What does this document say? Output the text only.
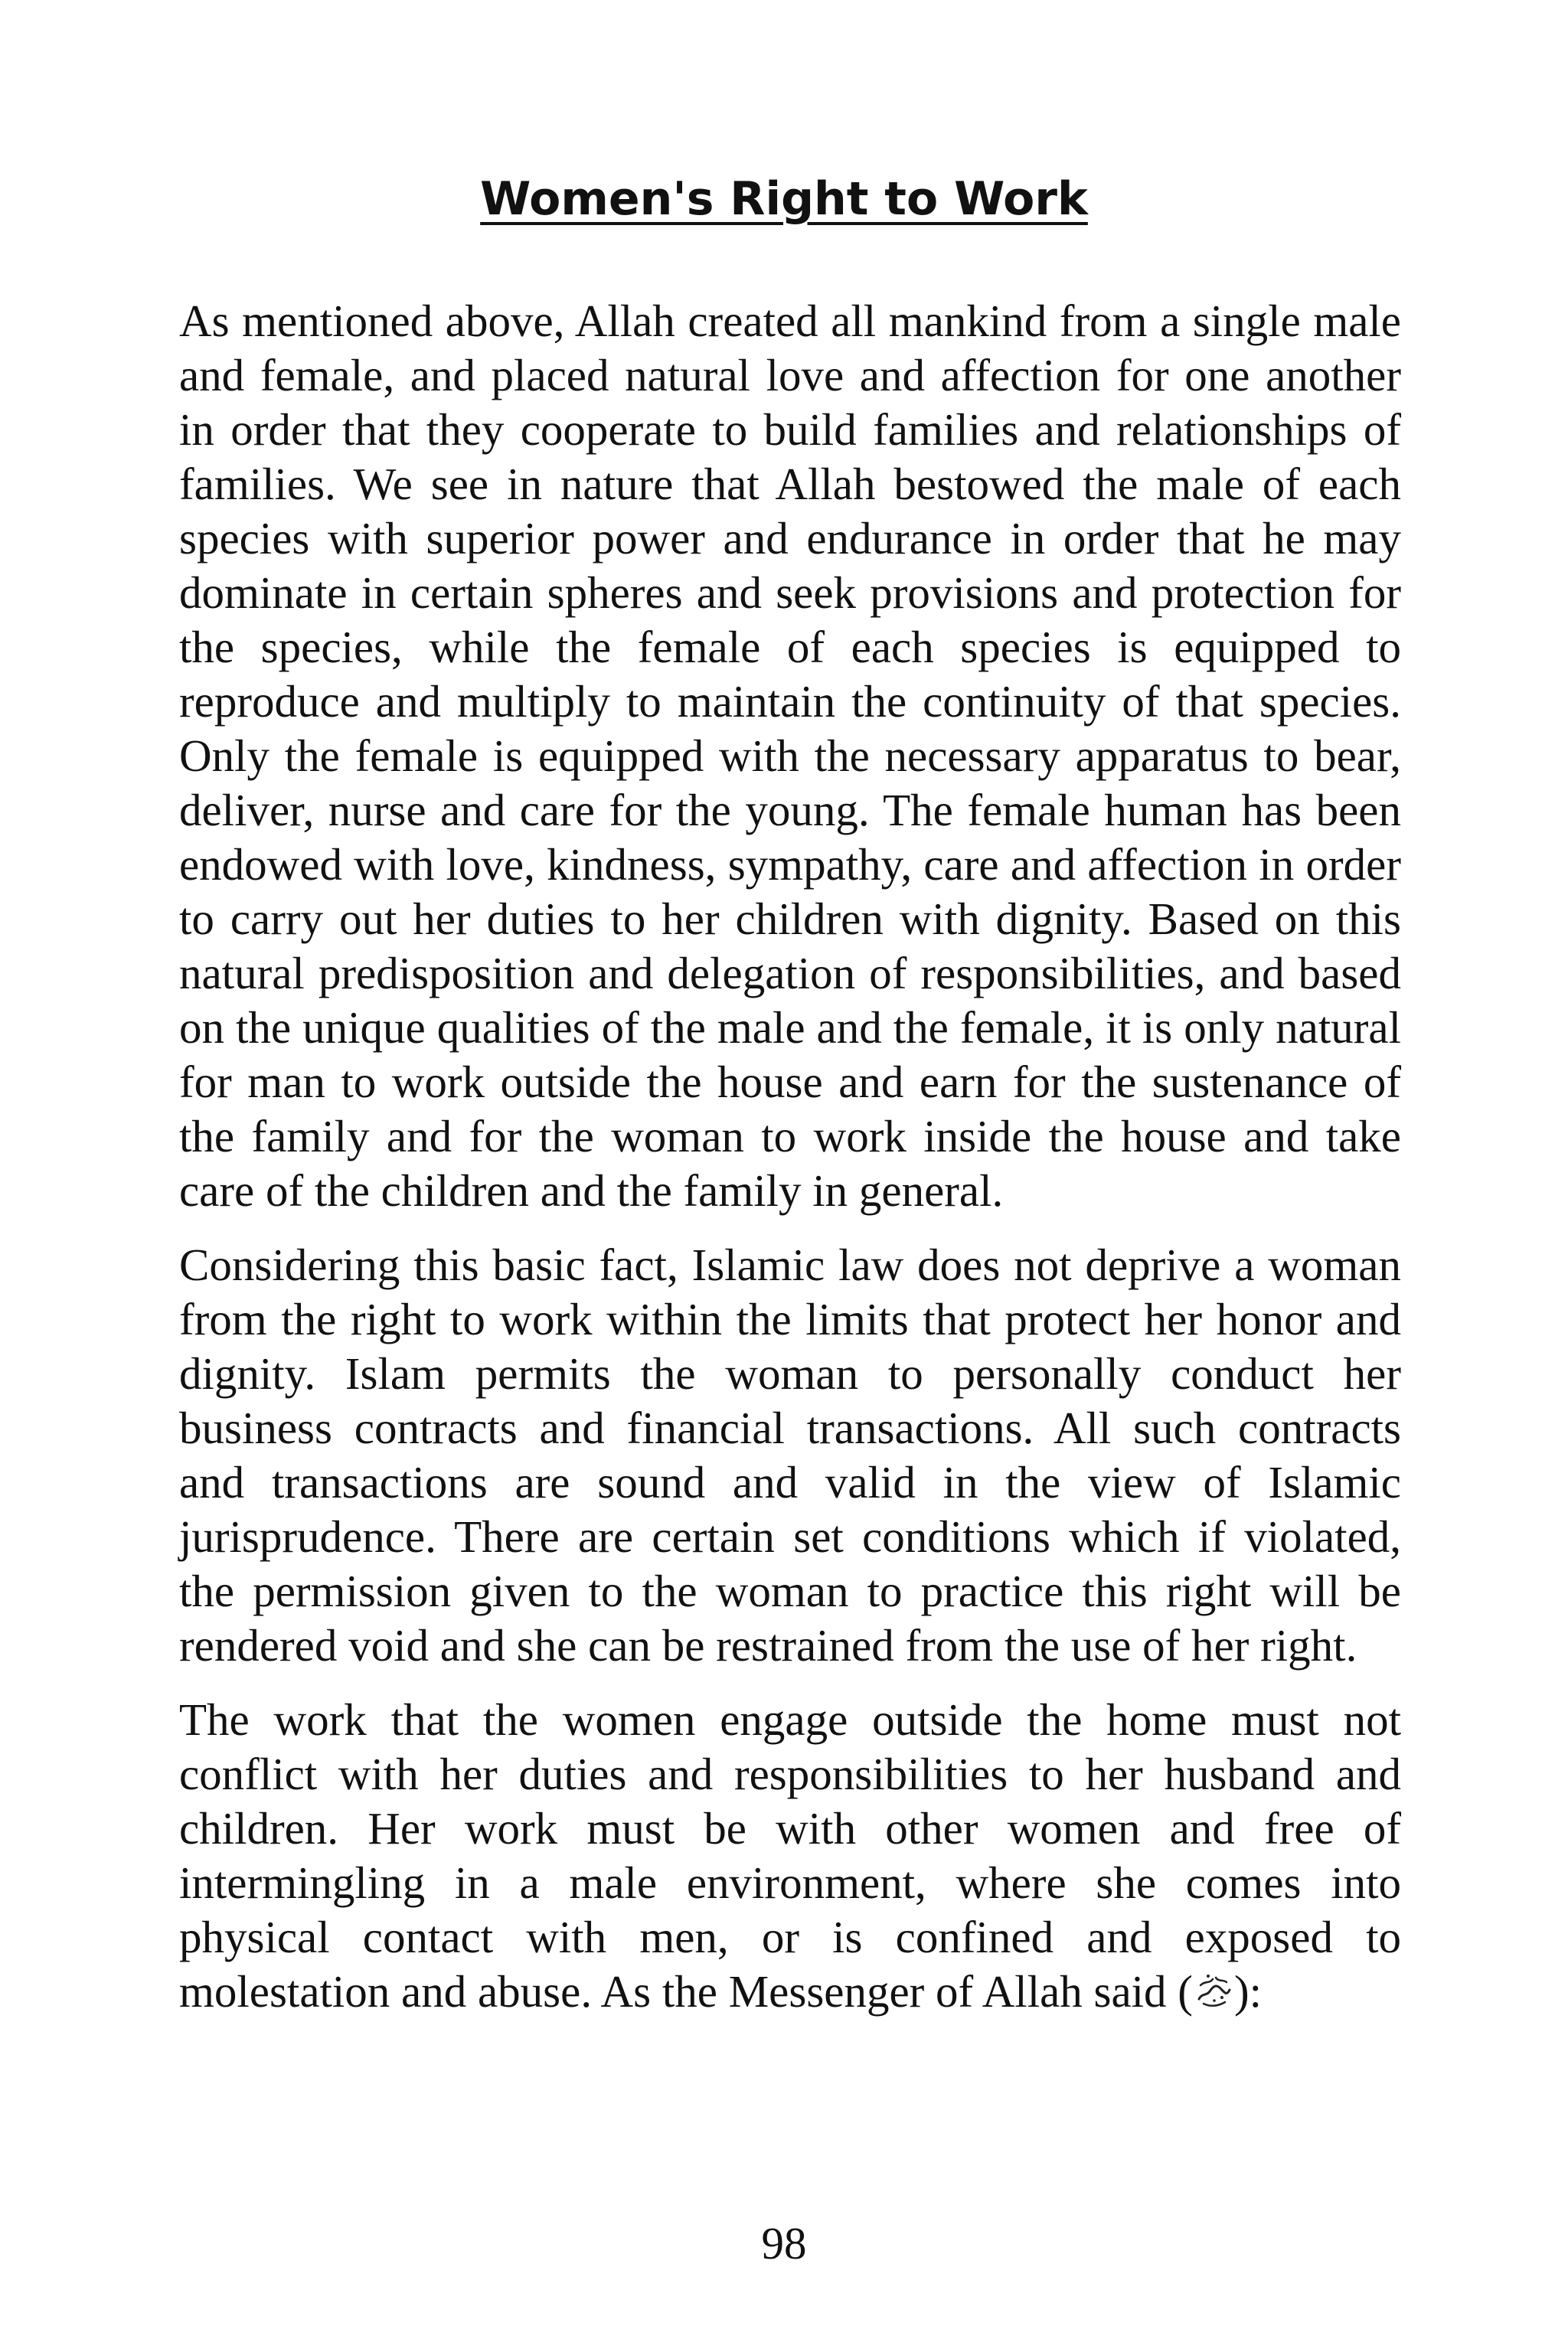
Women's Right to Work

As mentioned above, Allah created all mankind from a single male and female, and placed natural love and affection for one another in order that they cooperate to build families and relationships of families. We see in nature that Allah bestowed the male of each species with superior power and endurance in order that he may dominate in certain spheres and seek provisions and protection for the species, while the female of each species is equipped to reproduce and multiply to maintain the continuity of that species. Only the female is equipped with the necessary apparatus to bear, deliver, nurse and care for the young. The female human has been endowed with love, kindness, sympathy, care and affection in order to carry out her duties to her children with dignity. Based on this natural predisposition and delegation of responsibilities, and based on the unique qualities of the male and the female, it is only natural for man to work outside the house and earn for the sustenance of the family and for the woman to work inside the house and take care of the children and the family in general.

Considering this basic fact, Islamic law does not deprive a woman from the right to work within the limits that protect her honor and dignity. Islam permits the woman to personally conduct her business contracts and financial transactions. All such contracts and transactions are sound and valid in the view of Islamic jurisprudence. There are certain set conditions which if violated, the permission given to the woman to practice this right will be rendered void and she can be restrained from the use of her right.

The work that the women engage outside the home must not conflict with her duties and responsibilities to her husband and children. Her work must be with other women and free of intermingling in a male environment, where she comes into physical contact with men, or is confined and exposed to molestation and abuse. As the Messenger of Allah said ( ):

98
